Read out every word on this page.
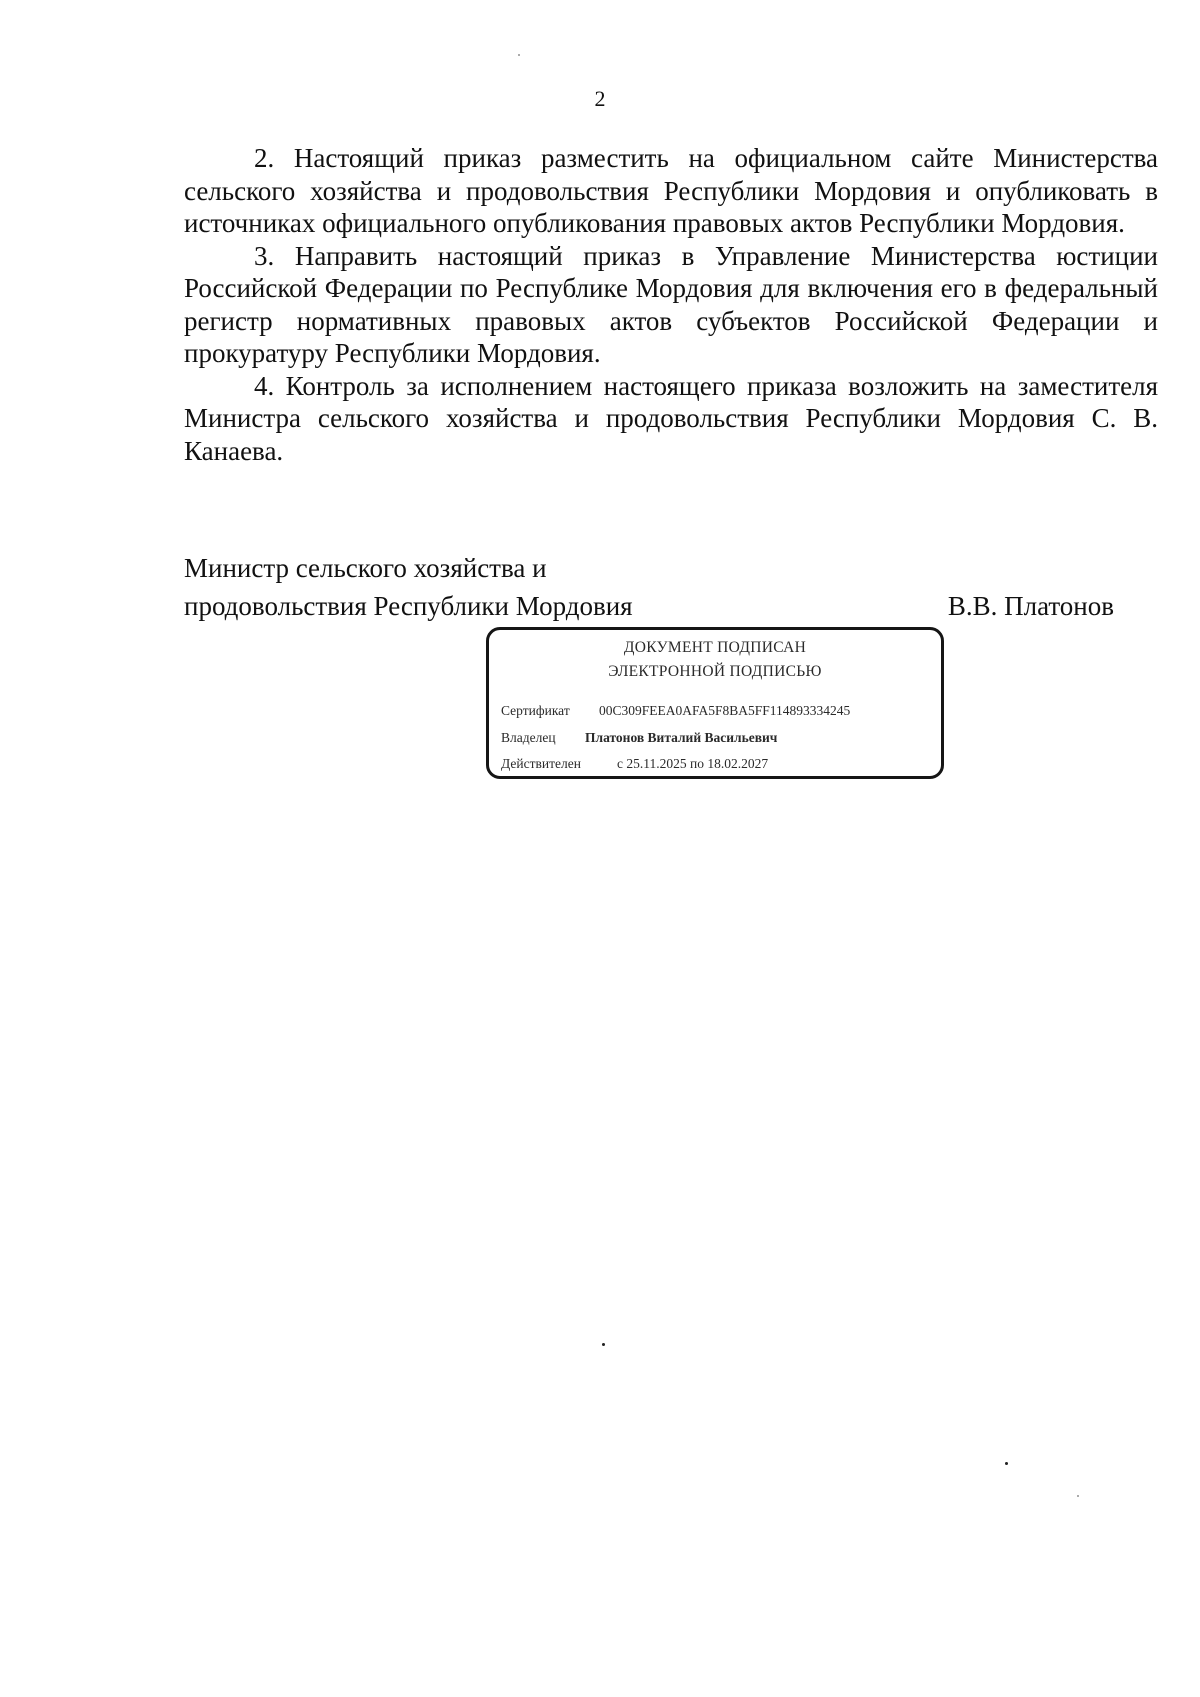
2

2. Настоящий приказ разместить на официальном сайте Министерства сельского хозяйства и продовольствия Республики Мордовия и опубликовать в источниках официального опубликования правовых актов Республики Мордовия.

3. Направить настоящий приказ в Управление Министерства юстиции Российской Федерации по Республике Мордовия для включения его в федеральный регистр нормативных правовых актов субъектов Российской Федерации и прокуратуру Республики Мордовия.

4. Контроль за исполнением настоящего приказа возложить на заместителя Министра сельского хозяйства и продовольствия Республики Мордовия С. В. Канаева.

Министр сельского хозяйства и
продовольствия Республики Мордовия	В.В. Платонов
ДОКУМЕНТ ПОДПИСАН
ЭЛЕКТРОННОЙ ПОДПИСЬЮ
Сертификат 00C309FEEA0AFA5F8BA5FF114893334245
Владелец Платонов Виталий Васильевич
Действителен	с 25.11.2025 по 18.02.2027
